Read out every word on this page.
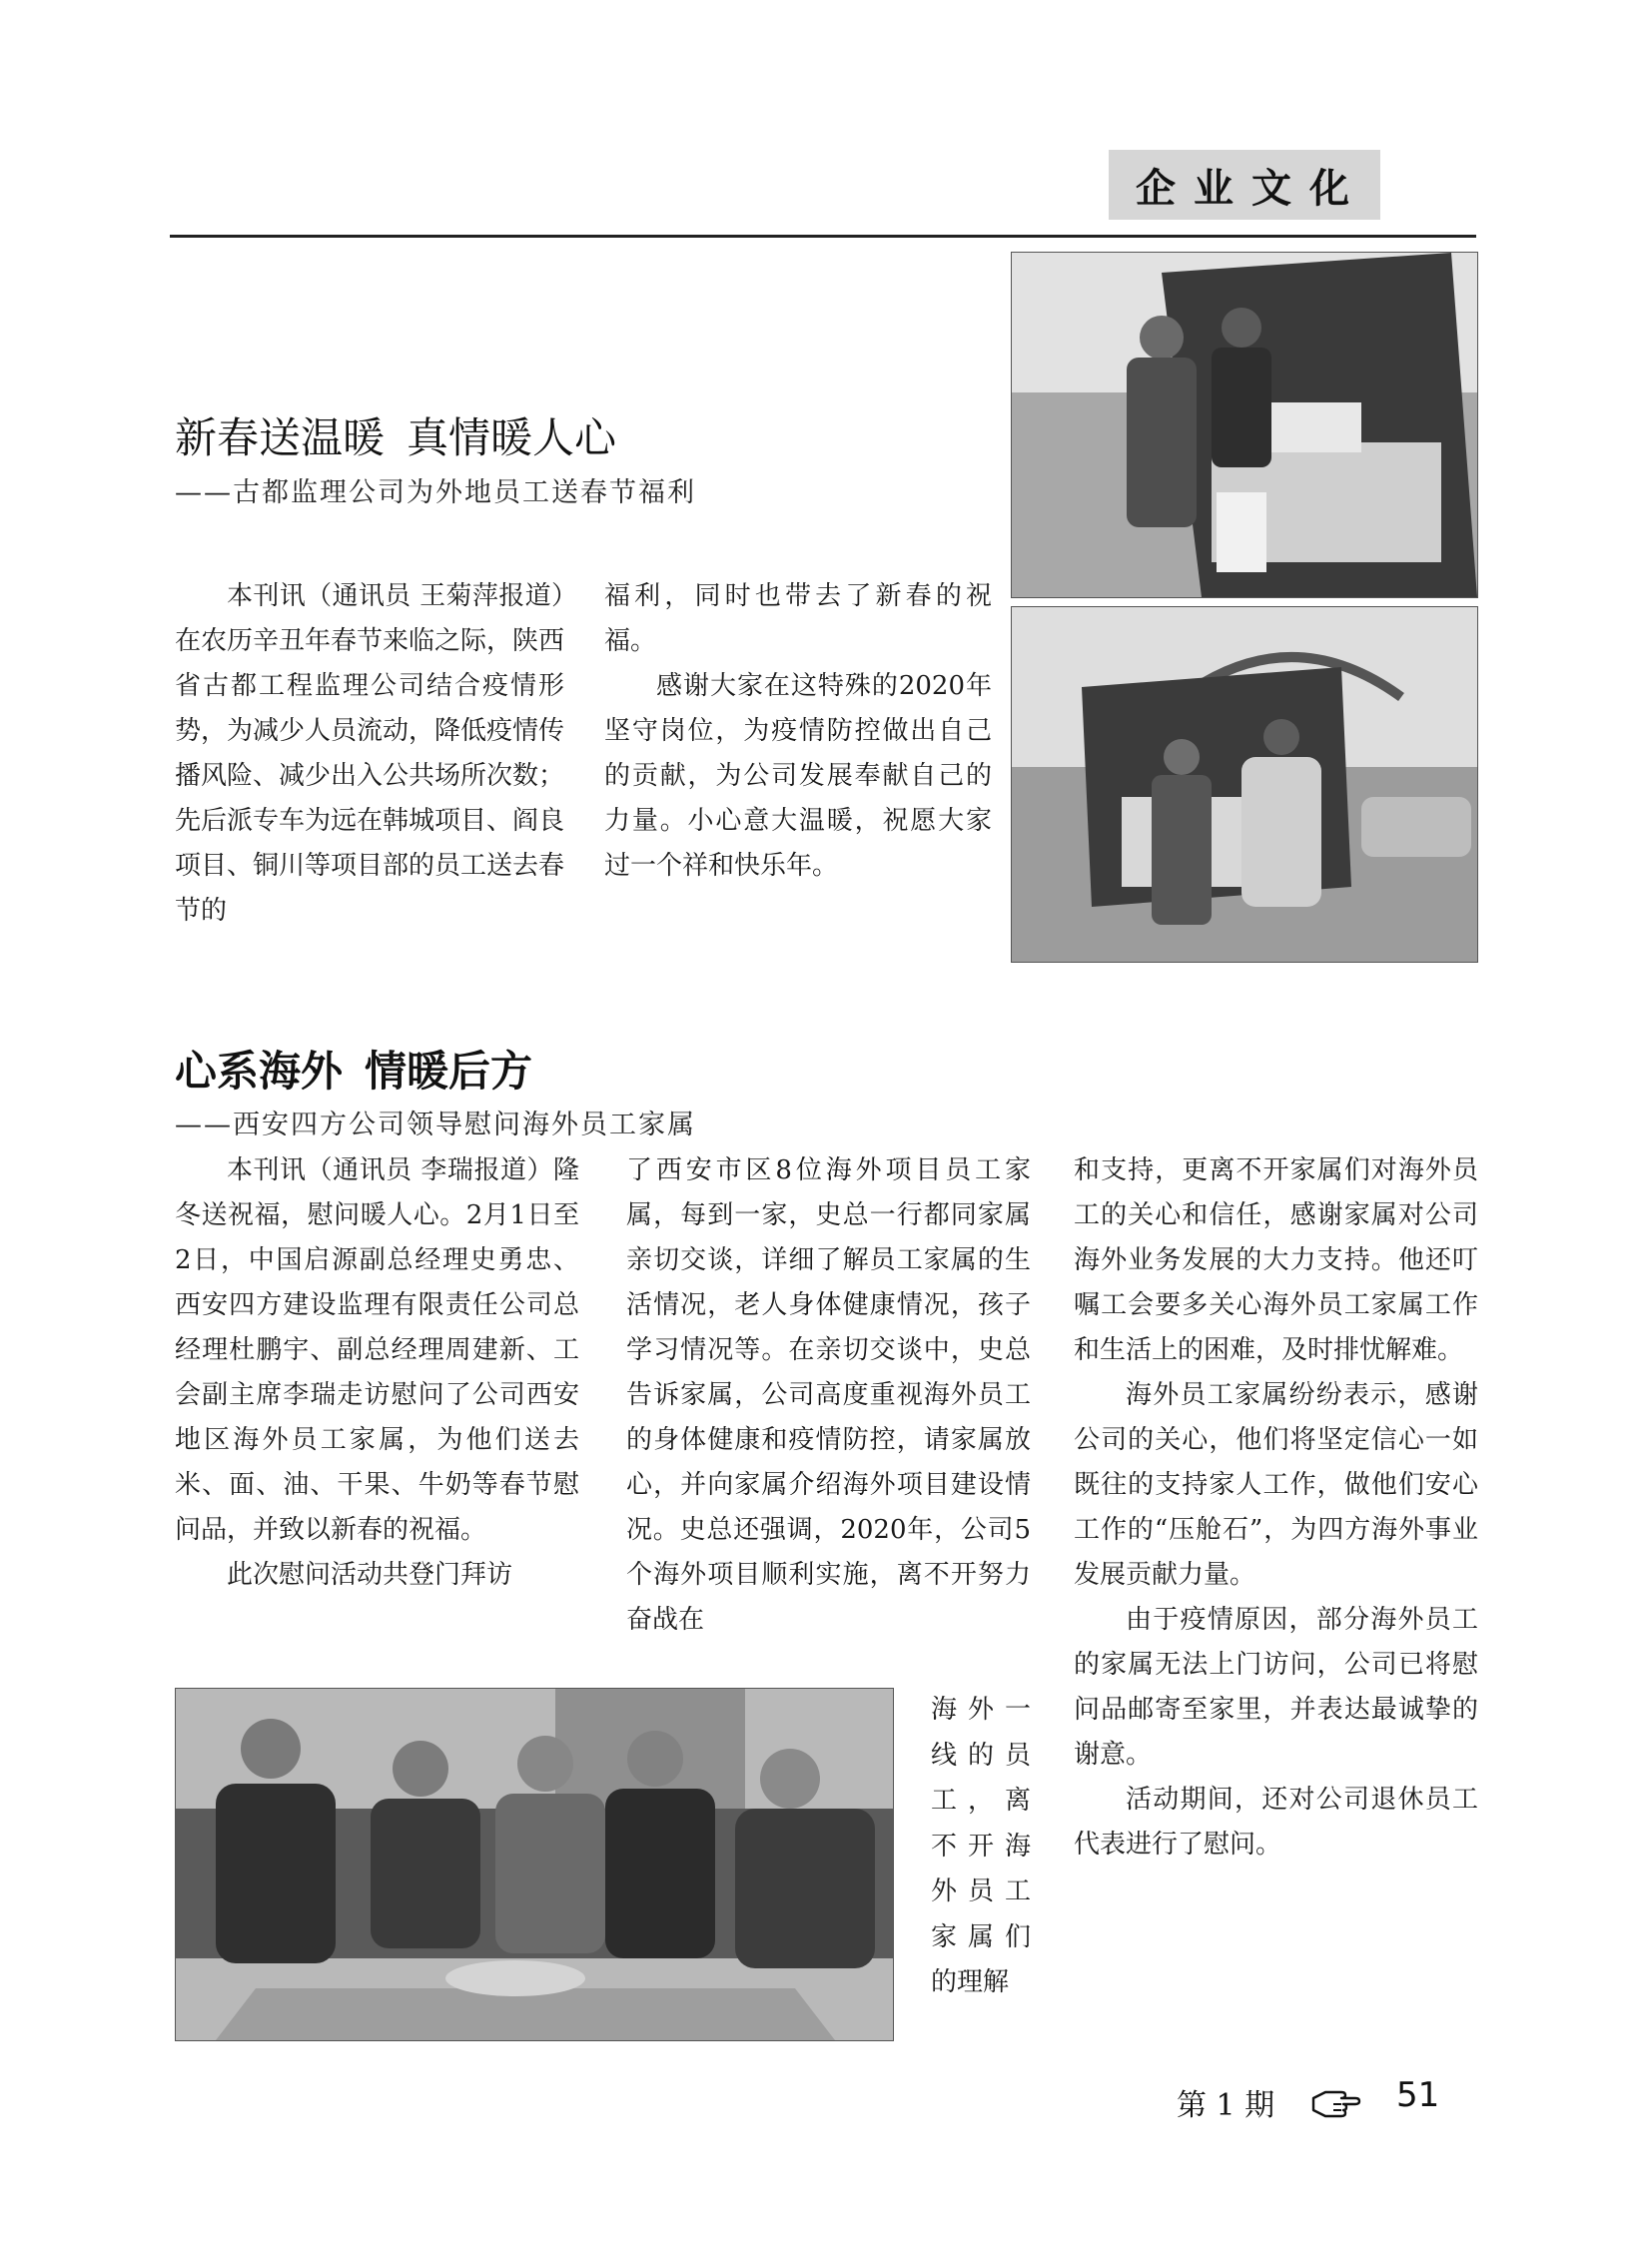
企业文化
新春送温暖 真情暖人心
——古都监理公司为外地员工送春节福利

本刊讯（通讯员 王菊萍报道）在农历辛丑年春节来临之际，陕西省古都工程监理公司结合疫情形势，为减少人员流动，降低疫情传播风险、减少出入公共场所次数；先后派专车为远在韩城项目、阎良项目、铜川等项目部的员工送去春节的

福利，同时也带去了新春的祝福。

感谢大家在这特殊的2020年坚守岗位，为疫情防控做出自己的贡献，为公司发展奉献自己的力量。小心意大温暖，祝愿大家过一个祥和快乐年。

心系海外 情暖后方
——西安四方公司领导慰问海外员工家属

本刊讯（通讯员 李瑞报道）隆冬送祝福，慰问暖人心。2月1日至2日，中国启源副总经理史勇忠、西安四方建设监理有限责任公司总经理杜鹏宇、副总经理周建新、工会副主席李瑞走访慰问了公司西安地区海外员工家属，为他们送去米、面、油、干果、牛奶等春节慰问品，并致以新春的祝福。

此次慰问活动共登门拜访

了西安市区8位海外项目员工家属，每到一家，史总一行都同家属亲切交谈，详细了解员工家属的生活情况，老人身体健康情况，孩子学习情况等。在亲切交谈中，史总告诉家属，公司高度重视海外员工的身体健康和疫情防控，请家属放心，并向家属介绍海外项目建设情况。史总还强调，2020年，公司5个海外项目顺利实施，离不开努力奋战在

海外一线的员工，离不开海外员工家属们的理解

和支持，更离不开家属们对海外员工的关心和信任，感谢家属对公司海外业务发展的大力支持。他还叮嘱工会要多关心海外员工家属工作和生活上的困难，及时排忧解难。

海外员工家属纷纷表示，感谢公司的关心，他们将坚定信心一如既往的支持家人工作，做他们安心工作的“压舱石”，为四方海外事业发展贡献力量。

由于疫情原因，部分海外员工的家属无法上门访问，公司已将慰问品邮寄至家里，并表达最诚挚的谢意。

活动期间，还对公司退休员工代表进行了慰问。

第 1 期	51
